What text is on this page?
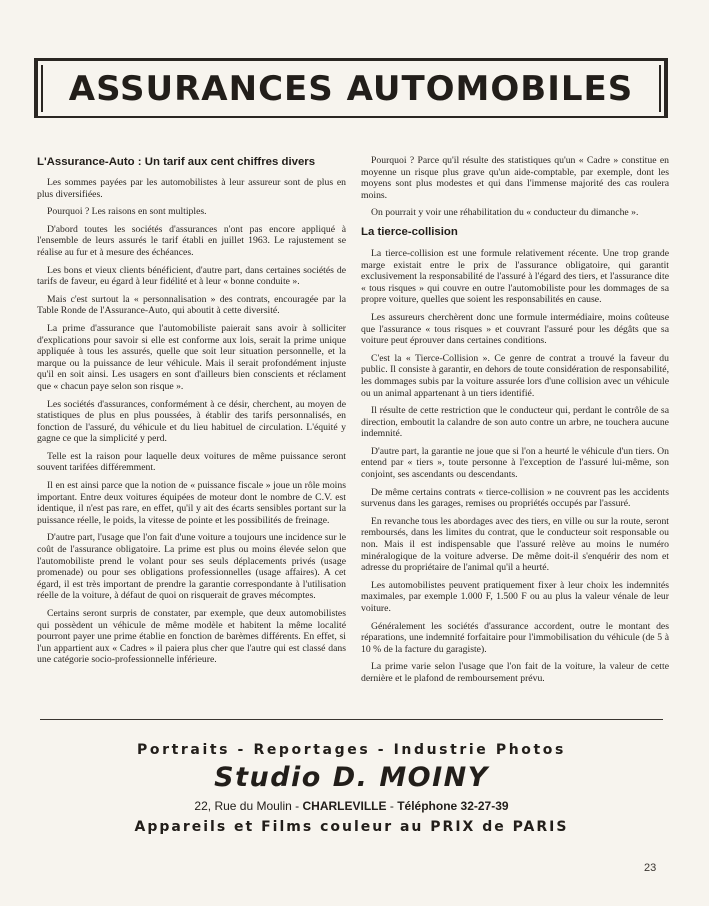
ASSURANCES AUTOMOBILES
L'Assurance-Auto : Un tarif aux cent chiffres divers

Les sommes payées par les automobilistes à leur assureur sont de plus en plus diversifiées.

Pourquoi ? Les raisons en sont multiples.

D'abord toutes les sociétés d'assurances n'ont pas encore appliqué à l'ensemble de leurs assurés le tarif établi en juillet 1963. Le rajustement se réalise au fur et à mesure des échéances.

Les bons et vieux clients bénéficient, d'autre part, dans certaines sociétés de tarifs de faveur, eu égard à leur fidélité et à leur « bonne conduite ».

Mais c'est surtout la « personnalisation » des contrats, encouragée par la Table Ronde de l'Assurance-Auto, qui aboutit à cette diversité.

La prime d'assurance que l'automobiliste paierait sans avoir à solliciter d'explications pour savoir si elle est conforme aux lois, serait la prime unique appliquée à tous les assurés, quelle que soit leur situation personnelle, et la marque ou la puissance de leur véhicule. Mais il serait profondément injuste qu'il en soit ainsi. Les usagers en sont d'ailleurs bien conscients et réclament que « chacun paye selon son risque ».

Les sociétés d'assurances, conformément à ce désir, cherchent, au moyen de statistiques de plus en plus poussées, à établir des tarifs personnalisés, en fonction de l'assuré, du véhicule et du lieu habituel de circulation. L'équité y gagne ce que la simplicité y perd.

Telle est la raison pour laquelle deux voitures de même puissance seront souvent tarifées différemment.

Il en est ainsi parce que la notion de « puissance fiscale » joue un rôle moins important. Entre deux voitures équipées de moteur dont le nombre de C.V. est identique, il n'est pas rare, en effet, qu'il y ait des écarts sensibles portant sur la puissance réelle, le poids, la vitesse de pointe et les possibilités de freinage.

D'autre part, l'usage que l'on fait d'une voiture a toujours une incidence sur le coût de l'assurance obligatoire. La prime est plus ou moins élevée selon que l'automobiliste prend le volant pour ses seuls déplacements privés (usage promenade) ou pour ses obligations professionnelles (usage affaires). A cet égard, il est très important de prendre la garantie correspondante à l'utilisation réelle de la voiture, à défaut de quoi on risquerait de graves mécomptes.

Certains seront surpris de constater, par exemple, que deux automobilistes qui possèdent un véhicule de même modèle et habitent la même localité pourront payer une prime établie en fonction de barèmes différents. En effet, si l'un appartient aux « Cadres » il paiera plus cher que l'autre qui est classé dans une catégorie socio-professionnelle inférieure.

Pourquoi ? Parce qu'il résulte des statistiques qu'un « Cadre » constitue en moyenne un risque plus grave qu'un aide-comptable, par exemple, dont les moyens sont plus modestes et qui dans l'immense majorité des cas roulera moins.

On pourrait y voir une réhabilitation du « conducteur du dimanche ».

La tierce-collision

La tierce-collision est une formule relativement récente. Une trop grande marge existait entre le prix de l'assurance obligatoire, qui garantit exclusivement la responsabilité de l'assuré à l'égard des tiers, et l'assurance dite « tous risques » qui couvre en outre l'automobiliste pour les dommages de sa propre voiture, quelles que soient les responsabilités en cause.

Les assureurs cherchèrent donc une formule intermédiaire, moins coûteuse que l'assurance « tous risques » et couvrant l'assuré pour les dégâts que sa voiture peut éprouver dans certaines conditions.

C'est la « Tierce-Collision ». Ce genre de contrat a trouvé la faveur du public. Il consiste à garantir, en dehors de toute considération de responsabilité, les dommages subis par la voiture assurée lors d'une collision avec un véhicule ou un animal appartenant à un tiers identifié.

Il résulte de cette restriction que le conducteur qui, perdant le contrôle de sa direction, emboutit la calandre de son auto contre un arbre, ne touchera aucune indemnité.

D'autre part, la garantie ne joue que si l'on a heurté le véhicule d'un tiers. On entend par « tiers », toute personne à l'exception de l'assuré lui-même, son conjoint, ses ascendants ou descendants.

De même certains contrats « tierce-collision » ne couvrent pas les accidents survenus dans les garages, remises ou propriétés occupés par l'assuré.

En revanche tous les abordages avec des tiers, en ville ou sur la route, seront remboursés, dans les limites du contrat, que le conducteur soit responsable ou non. Mais il est indispensable que l'assuré relève au moins le numéro minéralogique de la voiture adverse. De même doit-il s'enquérir des nom et adresse du propriétaire de l'animal qu'il a heurté.

Les automobilistes peuvent pratiquement fixer à leur choix les indemnités maximales, par exemple 1.000 F, 1.500 F ou au plus la valeur vénale de leur voiture.

Généralement les sociétés d'assurance accordent, outre le montant des réparations, une indemnité forfaitaire pour l'immobilisation du véhicule (de 5 à 10 % de la facture du garagiste).

La prime varie selon l'usage que l'on fait de la voiture, la valeur de cette dernière et le plafond de remboursement prévu.

Portraits - Reportages - Industrie Photos
Studio D. MOINY
22, Rue du Moulin - CHARLEVILLE - Téléphone 32-27-39
Appareils et Films couleur au PRIX de PARIS
23
